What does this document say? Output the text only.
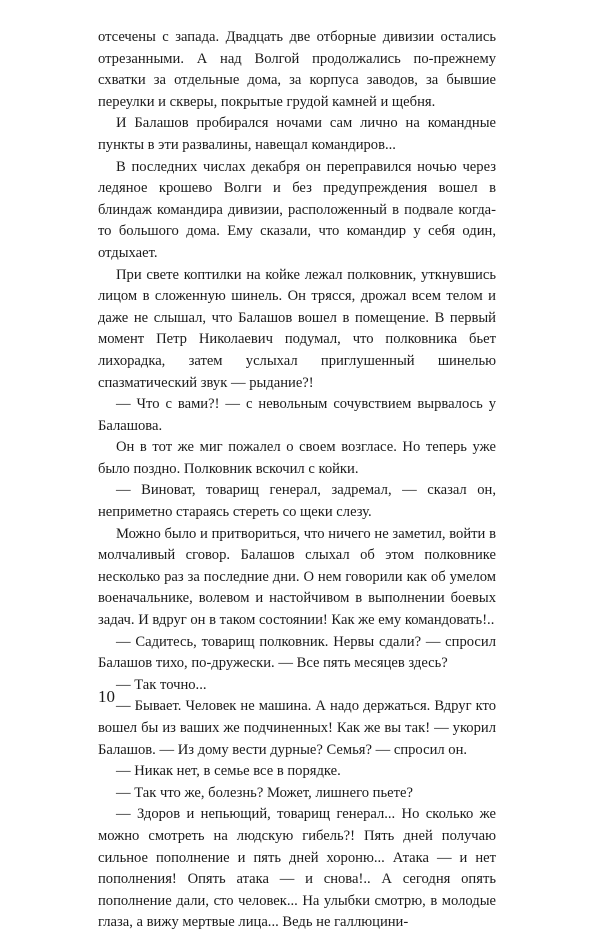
отсечены с запада. Двадцать две отборные дивизии остались отрезанными. А над Волгой продолжались по-прежнему схватки за отдельные дома, за корпуса заводов, за бывшие переулки и скверы, покрытые грудой камней и щебня.

И Балашов пробирался ночами сам лично на командные пункты в эти развалины, навещал командиров...

В последних числах декабря он переправился ночью через ледяное крошево Волги и без предупреждения вошел в блиндаж командира дивизии, расположенный в подвале когда-то большого дома. Ему сказали, что командир у себя один, отдыхает.

При свете коптилки на койке лежал полковник, уткнувшись лицом в сложенную шинель. Он трясся, дрожал всем телом и даже не слышал, что Балашов вошел в помещение. В первый момент Петр Николаевич подумал, что полковника бьет лихорадка, затем услыхал приглушенный шинелью спазматический звук — рыдание?!

— Что с вами?! — с невольным сочувствием вырвалось у Балашова.

Он в тот же миг пожалел о своем возгласе. Но теперь уже было поздно. Полковник вскочил с койки.

— Виноват, товарищ генерал, задремал, — сказал он, неприметно стараясь стереть со щеки слезу.

Можно было и притвориться, что ничего не заметил, войти в молчаливый сговор. Балашов слыхал об этом полковнике несколько раз за последние дни. О нем говорили как об умелом военачальнике, волевом и настойчивом в выполнении боевых задач. И вдруг он в таком состоянии! Как же ему командовать!..

— Садитесь, товарищ полковник. Нервы сдали? — спросил Балашов тихо, по-дружески. — Все пять месяцев здесь?

— Так точно...

— Бывает. Человек не машина. А надо держаться. Вдруг кто вошел бы из ваших же подчиненных! Как же вы так! — укорил Балашов. — Из дому вести дурные? Семья? — спросил он.

— Никак нет, в семье все в порядке.

— Так что же, болезнь? Может, лишнего пьете?

— Здоров и непьющий, товарищ генерал... Но сколько же можно смотреть на людскую гибель?! Пять дней получаю сильное пополнение и пять дней хороню... Атака — и нет пополнения! Опять атака — и снова!.. А сегодня опять пополнение дали, сто человек... На улыбки смотрю, в молодые глаза, а вижу мертвые лица... Ведь не галлюцини-

10
